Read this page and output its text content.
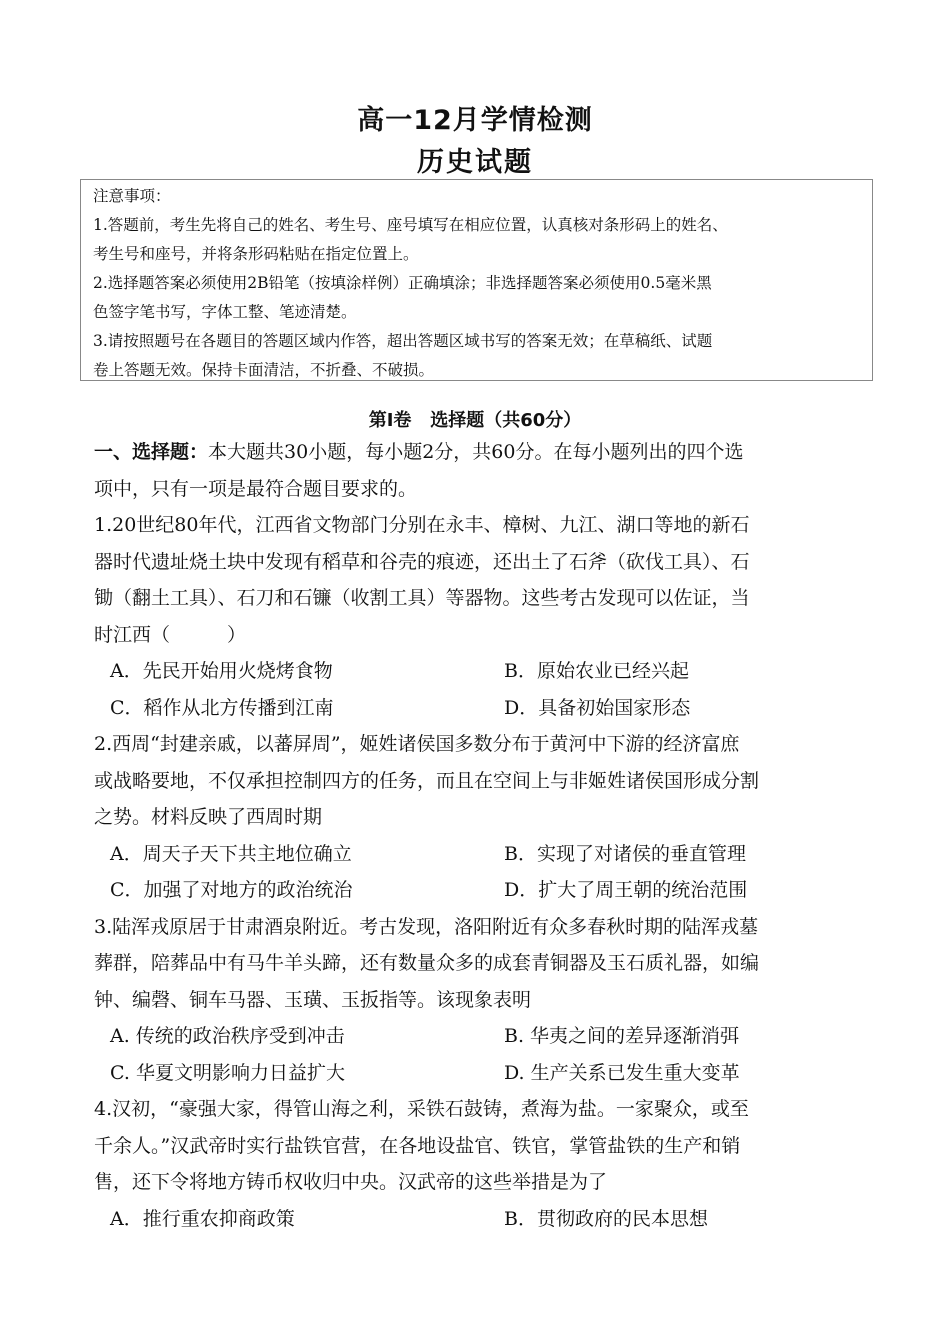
高一12月学情检测
历史试题
注意事项：
1.答题前，考生先将自己的姓名、考生号、座号填写在相应位置，认真核对条形码上的姓名、
考生号和座号，并将条形码粘贴在指定位置上。
2.选择题答案必须使用2B铅笔（按填涂样例）正确填涂；非选择题答案必须使用0.5毫米黑
色签字笔书写，字体工整、笔迹清楚。
3.请按照题号在各题目的答题区域内作答，超出答题区域书写的答案无效；在草稿纸、试题
卷上答题无效。保持卡面清洁，不折叠、不破损。
第Ⅰ卷   选择题（共60分）
一、选择题：本大题共30小题，每小题2分，共60分。在每小题列出的四个选
项中，只有一项是最符合题目要求的。
1.20世纪80年代，江西省文物部门分别在永丰、樟树、九江、湖口等地的新石
器时代遗址烧土块中发现有稻草和谷壳的痕迹，还出土了石斧（砍伐工具）、石
锄（翻土工具）、石刀和石镰（收割工具）等器物。这些考古发现可以佐证，当
时江西（　　　）
A．先民开始用火烧烤食物	B．原始农业已经兴起
C．稻作从北方传播到江南	D．具备初始国家形态
2.西周“封建亲戚，以蕃屏周”，姬姓诸侯国多数分布于黄河中下游的经济富庶
或战略要地，不仅承担控制四方的任务，而且在空间上与非姬姓诸侯国形成分割
之势。材料反映了西周时期
A．周天子天下共主地位确立	B．实现了对诸侯的垂直管理
C．加强了对地方的政治统治	D．扩大了周王朝的统治范围
3.陆浑戎原居于甘肃酒泉附近。考古发现，洛阳附近有众多春秋时期的陆浑戎墓
葬群，陪葬品中有马牛羊头蹄，还有数量众多的成套青铜器及玉石质礼器，如编
钟、编磬、铜车马器、玉璜、玉扳指等。该现象表明
A. 传统的政治秩序受到冲击	B. 华夷之间的差异逐渐消弭
C. 华夏文明影响力日益扩大	D. 生产关系已发生重大变革
4.汉初，“豪强大家，得管山海之利，采铁石鼓铸，煮海为盐。一家聚众，或至
千余人。”汉武帝时实行盐铁官营，在各地设盐官、铁官，掌管盐铁的生产和销
售，还下令将地方铸币权收归中央。汉武帝的这些举措是为了
A．推行重农抑商政策	B．贯彻政府的民本思想
